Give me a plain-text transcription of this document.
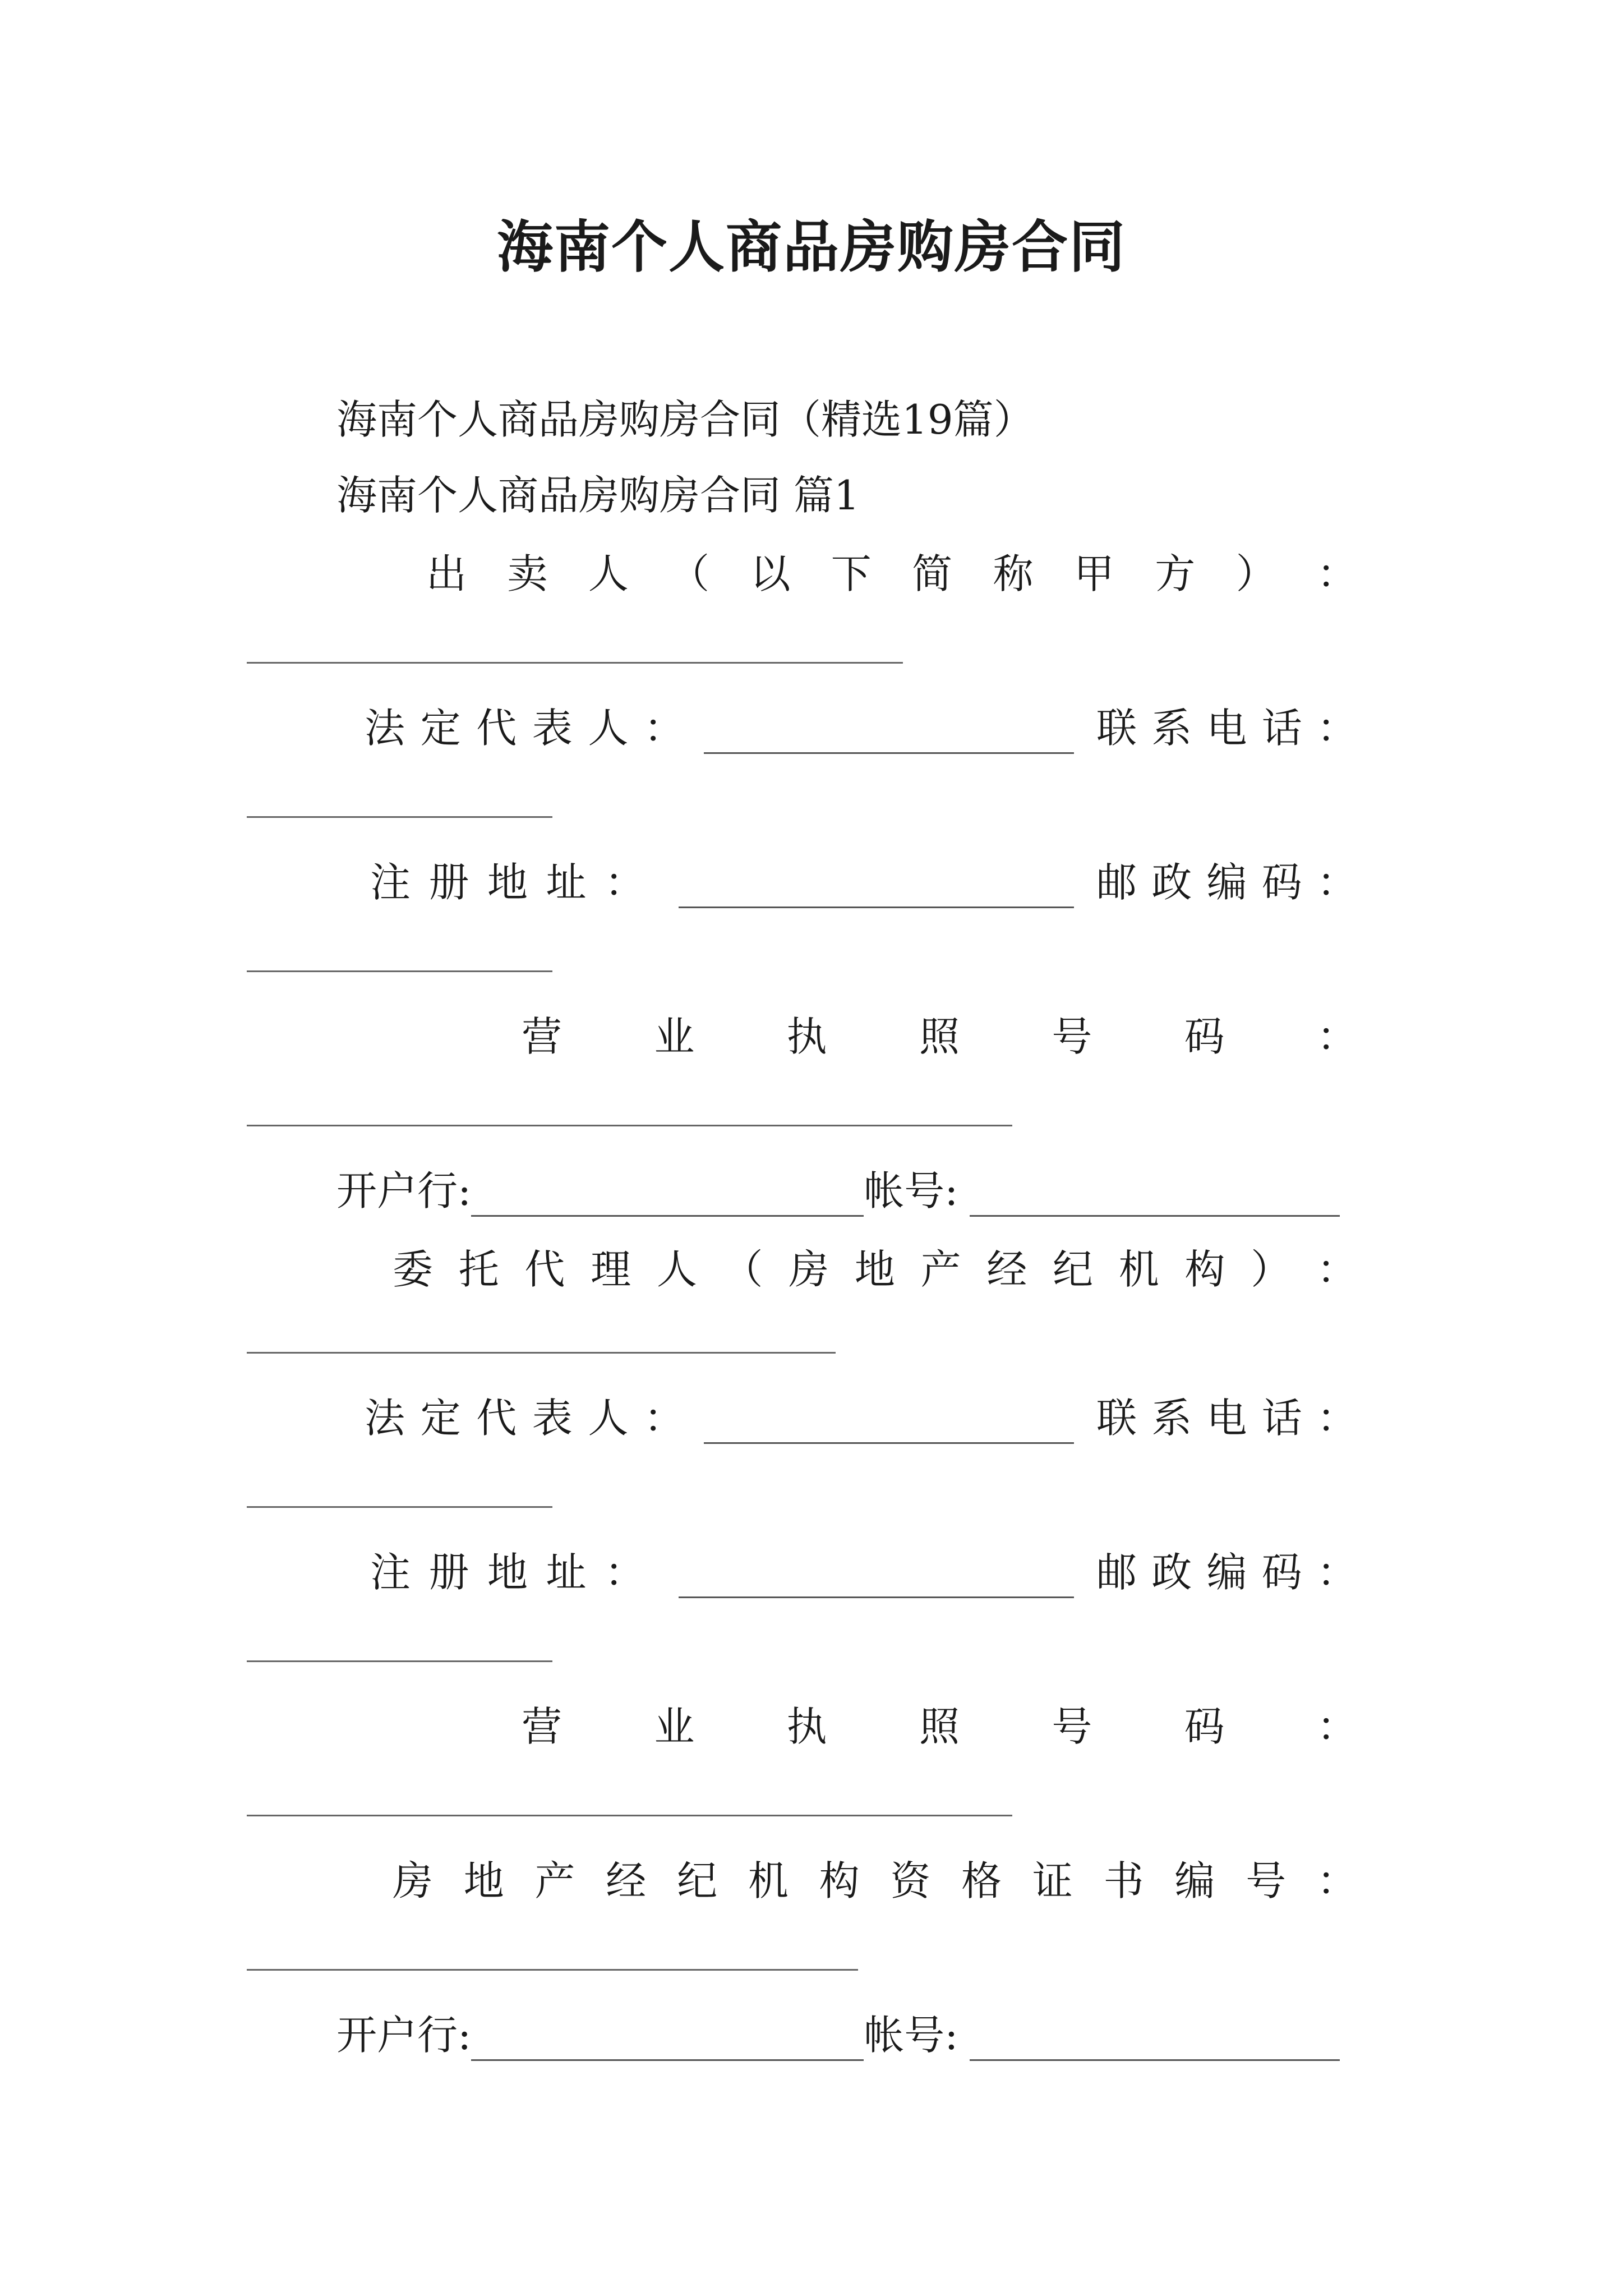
海南个人商品房购房合同
海南个人商品房购房合同（精选19篇）
海南个人商品房购房合同 篇1
出 卖 人 （ 以 下 简 称 甲 方 ） ：
法 定 代 表 人 ：	联 系 电 话 ：
注 册 地 址 ：	邮 政 编 码 ：
营 业 执 照 号 码 ：
开户行:	帐号:
委 托 代 理 人 （ 房 地 产 经 纪 机 构 ） ：
法 定 代 表 人 ：	联 系 电 话 ：
注 册 地 址 ：	邮 政 编 码 ：
营 业 执 照 号 码 ：
房 地 产 经 纪 机 构 资 格 证 书 编 号 ：
开户行:	帐号:
